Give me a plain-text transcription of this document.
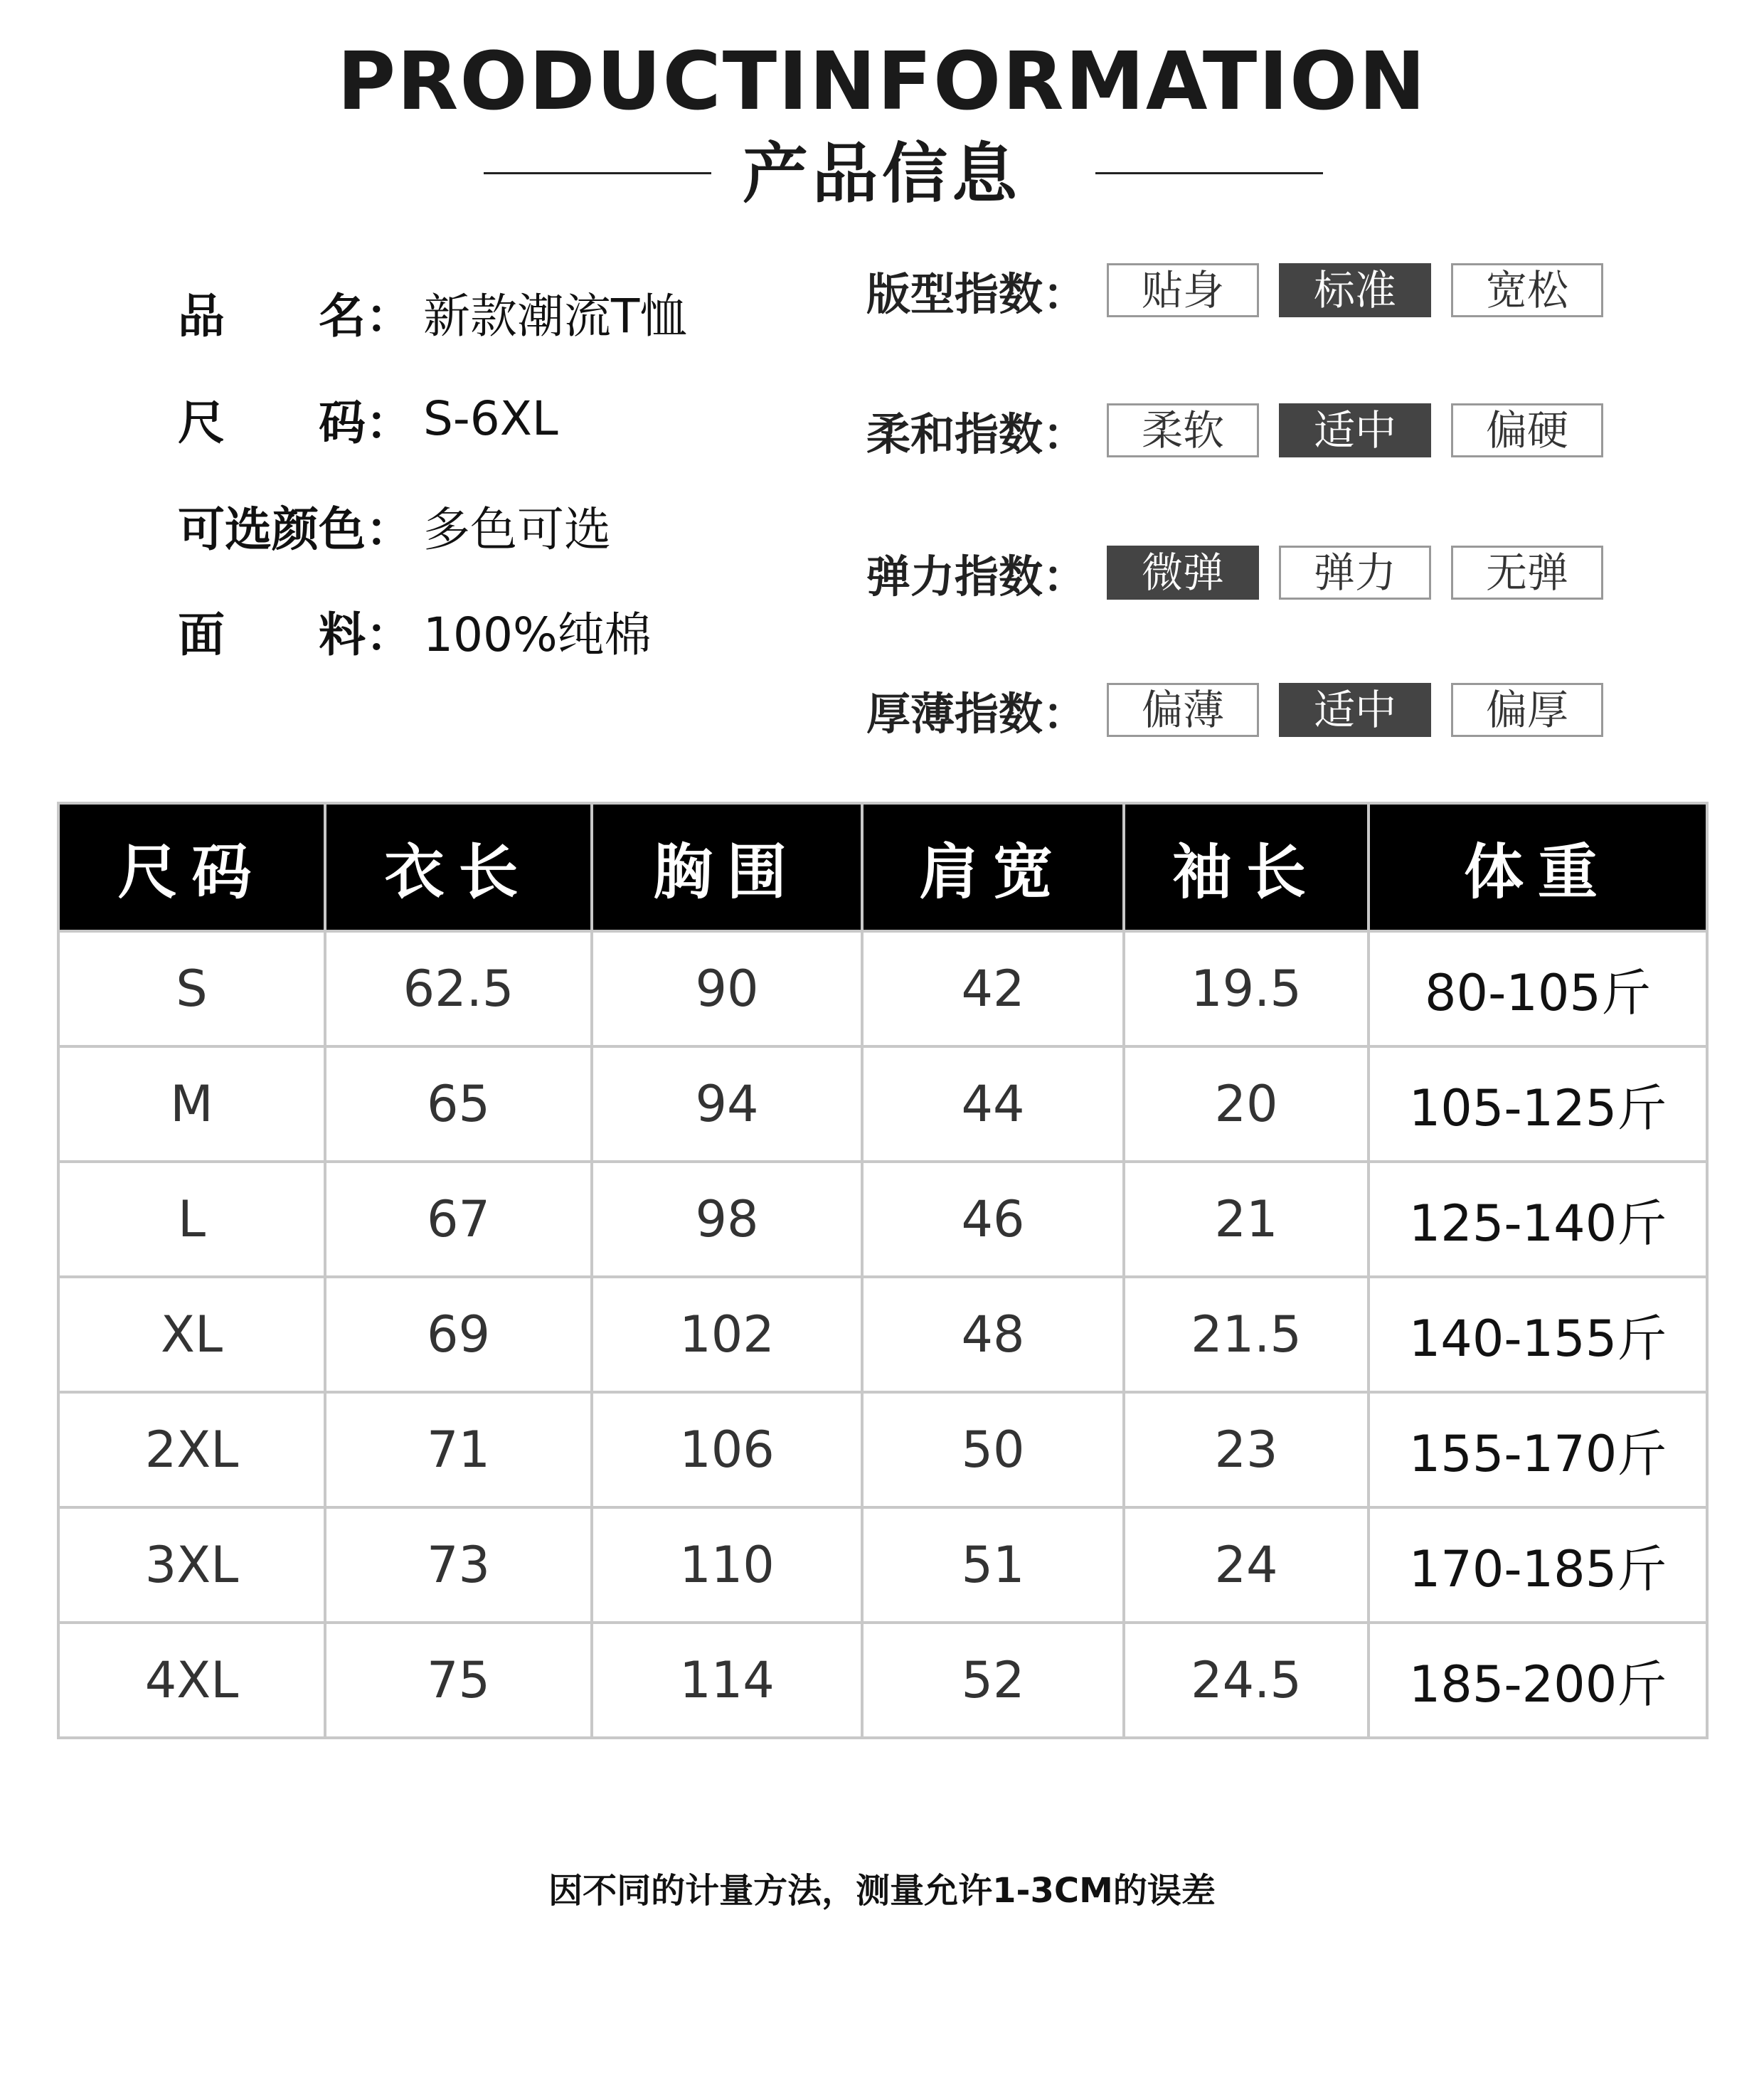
PRODUCTINFORMATION
产品信息
品　　名： 新款潮流T恤
尺　　码： S-6XL
可选颜色： 多色可选
面　　料： 100%纯棉
版型指数：	贴身	标准	宽松
柔和指数：	柔软	适中	偏硬
弹力指数：	微弹	弹力	无弹
厚薄指数：	偏薄	适中	偏厚
尺码	衣长	胸围	肩宽	袖长	体重
S	62.5	90	42	19.5	80-105斤
M	65	94	44	20	105-125斤
L	67	98	46	21	125-140斤
XL	69	102	48	21.5	140-155斤
2XL	71	106	50	23	155-170斤
3XL	73	110	51	24	170-185斤
4XL	75	114	52	24.5	185-200斤
因不同的计量方法，测量允许1-3CM的误差
